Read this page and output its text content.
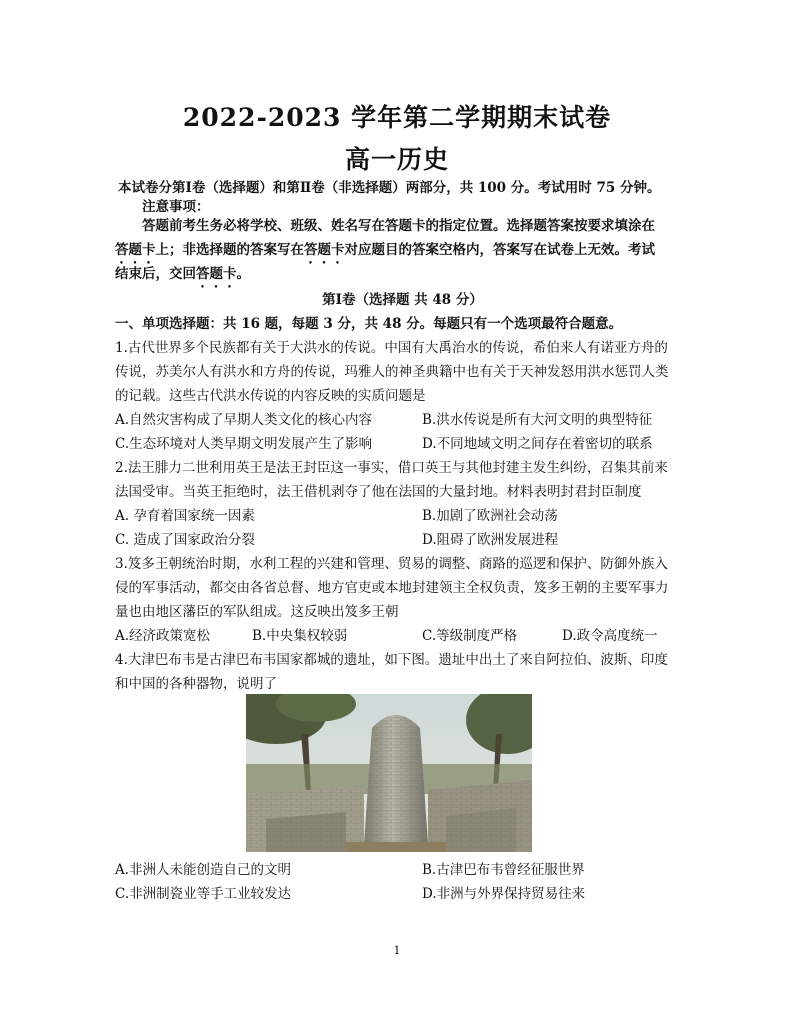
2022-2023 学年第二学期期末试卷
高一历史
本试卷分第Ⅰ卷（选择题）和第Ⅱ卷（非选择题）两部分，共 100 分。考试用时 75 分钟。
注意事项：
答题前考生务必将学校、班级、姓名写在答题卡的指定位置。选择题答案按要求填涂在
答题卡上；非选择题的答案写在答题卡对应题目的答案空格内，答案写在试卷上无效。考试
结束后，交回答题卡。
第Ⅰ卷（选择题 共 48 分）
一、单项选择题：共 16 题，每题 3 分，共 48 分。每题只有一个选项最符合题意。
1.古代世界多个民族都有关于大洪水的传说。中国有大禹治水的传说，希伯来人有诺亚方舟的
传说，苏美尔人有洪水和方舟的传说，玛雅人的神圣典籍中也有关于天神发怒用洪水惩罚人类
的记载。这些古代洪水传说的内容反映的实质问题是
A.自然灾害构成了早期人类文化的核心内容	B.洪水传说是所有大河文明的典型特征
C.生态环境对人类早期文明发展产生了影响	D.不同地域文明之间存在着密切的联系
2.法王腓力二世利用英王是法王封臣这一事实，借口英王与其他封建主发生纠纷，召集其前来
法国受审。当英王拒绝时，法王借机剥夺了他在法国的大量封地。材料表明封君封臣制度
A. 孕育着国家统一因素	B.加剧了欧洲社会动荡
C. 造成了国家政治分裂	D.阻碍了欧洲发展进程
3.笈多王朝统治时期，水利工程的兴建和管理、贸易的调整、商路的巡逻和保护、防御外族入
侵的军事活动，都交由各省总督、地方官吏或本地封建领主全权负责，笈多王朝的主要军事力
量也由地区藩臣的军队组成。这反映出笈多王朝
A.经济政策宽松	B.中央集权较弱	C.等级制度严格	D.政令高度统一
4.大津巴布韦是古津巴布韦国家都城的遗址，如下图。遗址中出土了来自阿拉伯、波斯、印度
和中国的各种器物，说明了
A.非洲人未能创造自己的文明	B.古津巴布韦曾经征服世界
C.非洲制瓷业等手工业较发达	D.非洲与外界保持贸易往来
1
